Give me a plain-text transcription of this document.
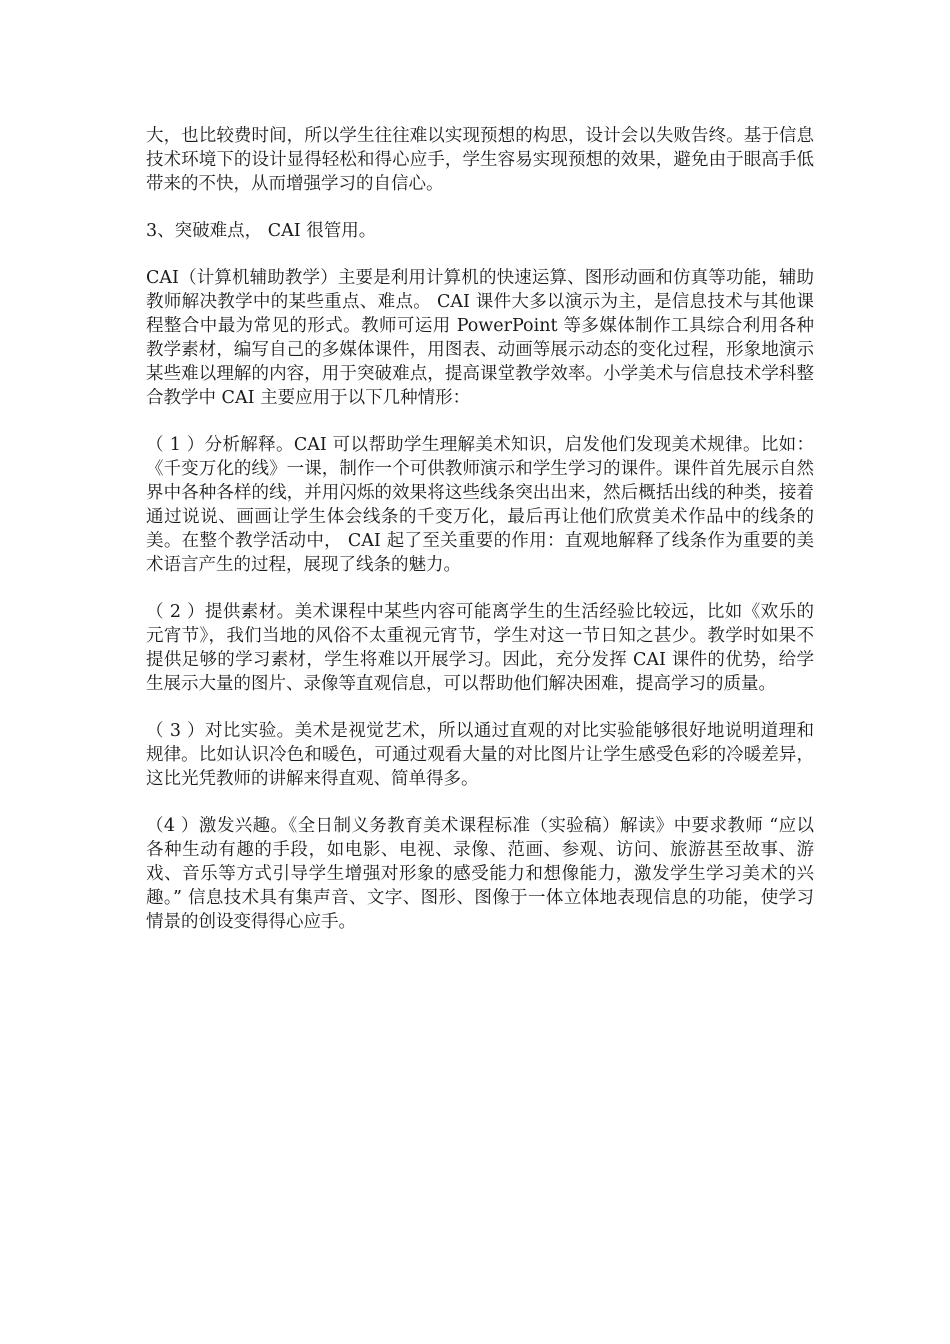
大，也比较费时间，所以学生往往难以实现预想的构思，设计会以失败告终。基于信息技术环境下的设计显得轻松和得心应手，学生容易实现预想的效果，避免由于眼高手低带来的不快，从而增强学习的自信心。

3、突破难点， CAI 很管用。

CAI（计算机辅助教学）主要是利用计算机的快速运算、图形动画和仿真等功能，辅助教师解决教学中的某些重点、难点。 CAI 课件大多以演示为主，是信息技术与其他课程整合中最为常见的形式。教师可运用 PowerPoint 等多媒体制作工具综合利用各种教学素材，编写自己的多媒体课件，用图表、动画等展示动态的变化过程，形象地演示某些难以理解的内容，用于突破难点，提高课堂教学效率。小学美术与信息技术学科整合教学中 CAI 主要应用于以下几种情形：

（ 1 ）分析解释。CAI 可以帮助学生理解美术知识，启发他们发现美术规律。比如：《千变万化的线》一课，制作一个可供教师演示和学生学习的课件。课件首先展示自然界中各种各样的线，并用闪烁的效果将这些线条突出出来，然后概括出线的种类，接着通过说说、画画让学生体会线条的千变万化，最后再让他们欣赏美术作品中的线条的美。在整个教学活动中， CAI 起了至关重要的作用：直观地解释了线条作为重要的美术语言产生的过程，展现了线条的魅力。

（ 2 ）提供素材。美术课程中某些内容可能离学生的生活经验比较远，比如《欢乐的元宵节》，我们当地的风俗不太重视元宵节，学生对这一节日知之甚少。教学时如果不提供足够的学习素材，学生将难以开展学习。因此，充分发挥 CAI 课件的优势，给学生展示大量的图片、录像等直观信息，可以帮助他们解决困难，提高学习的质量。

（ 3 ）对比实验。美术是视觉艺术，所以通过直观的对比实验能够很好地说明道理和规律。比如认识冷色和暖色，可通过观看大量的对比图片让学生感受色彩的冷暖差异，这比光凭教师的讲解来得直观、简单得多。

（4 ）激发兴趣。《全日制义务教育美术课程标准（实验稿）解读》中要求教师 “应以各种生动有趣的手段，如电影、电视、录像、范画、参观、访问、旅游甚至故事、游戏、音乐等方式引导学生增强对形象的感受能力和想像能力，激发学生学习美术的兴趣。” 信息技术具有集声音、文字、图形、图像于一体立体地表现信息的功能，使学习情景的创设变得得心应手。
